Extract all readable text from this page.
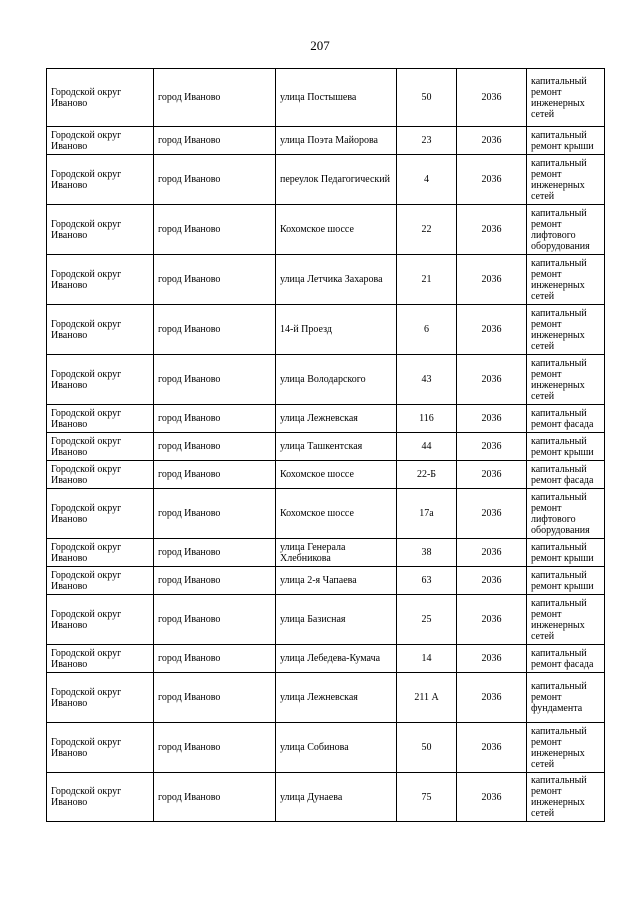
207
Городской округ Иваново	город Иваново	улица Постышева	50	2036	капитальный ремонт инженерных сетей
Городской округ Иваново	город Иваново	улица Поэта Майорова	23	2036	капитальный ремонт крыши
Городской округ Иваново	город Иваново	переулок Педагогический	4	2036	капитальный ремонт инженерных сетей
Городской округ Иваново	город Иваново	Кохомское шоссе	22	2036	капитальный ремонт лифтового оборудования
Городской округ Иваново	город Иваново	улица Летчика Захарова	21	2036	капитальный ремонт инженерных сетей
Городской округ Иваново	город Иваново	14-й Проезд	6	2036	капитальный ремонт инженерных сетей
Городской округ Иваново	город Иваново	улица Володарского	43	2036	капитальный ремонт инженерных сетей
Городской округ Иваново	город Иваново	улица Лежневская	116	2036	капитальный ремонт фасада
Городской округ Иваново	город Иваново	улица Ташкентская	44	2036	капитальный ремонт крыши
Городской округ Иваново	город Иваново	Кохомское шоссе	22-Б	2036	капитальный ремонт фасада
Городской округ Иваново	город Иваново	Кохомское шоссе	17а	2036	капитальный ремонт лифтового оборудования
Городской округ Иваново	город Иваново	улица Генерала Хлебникова	38	2036	капитальный ремонт крыши
Городской округ Иваново	город Иваново	улица 2-я Чапаева	63	2036	капитальный ремонт крыши
Городской округ Иваново	город Иваново	улица Базисная	25	2036	капитальный ремонт инженерных сетей
Городской округ Иваново	город Иваново	улица Лебедева-Кумача	14	2036	капитальный ремонт фасада
Городской округ Иваново	город Иваново	улица Лежневская	211 А	2036	капитальный ремонт фундамента
Городской округ Иваново	город Иваново	улица Собинова	50	2036	капитальный ремонт инженерных сетей
Городской округ Иваново	город Иваново	улица Дунаева	75	2036	капитальный ремонт инженерных сетей
